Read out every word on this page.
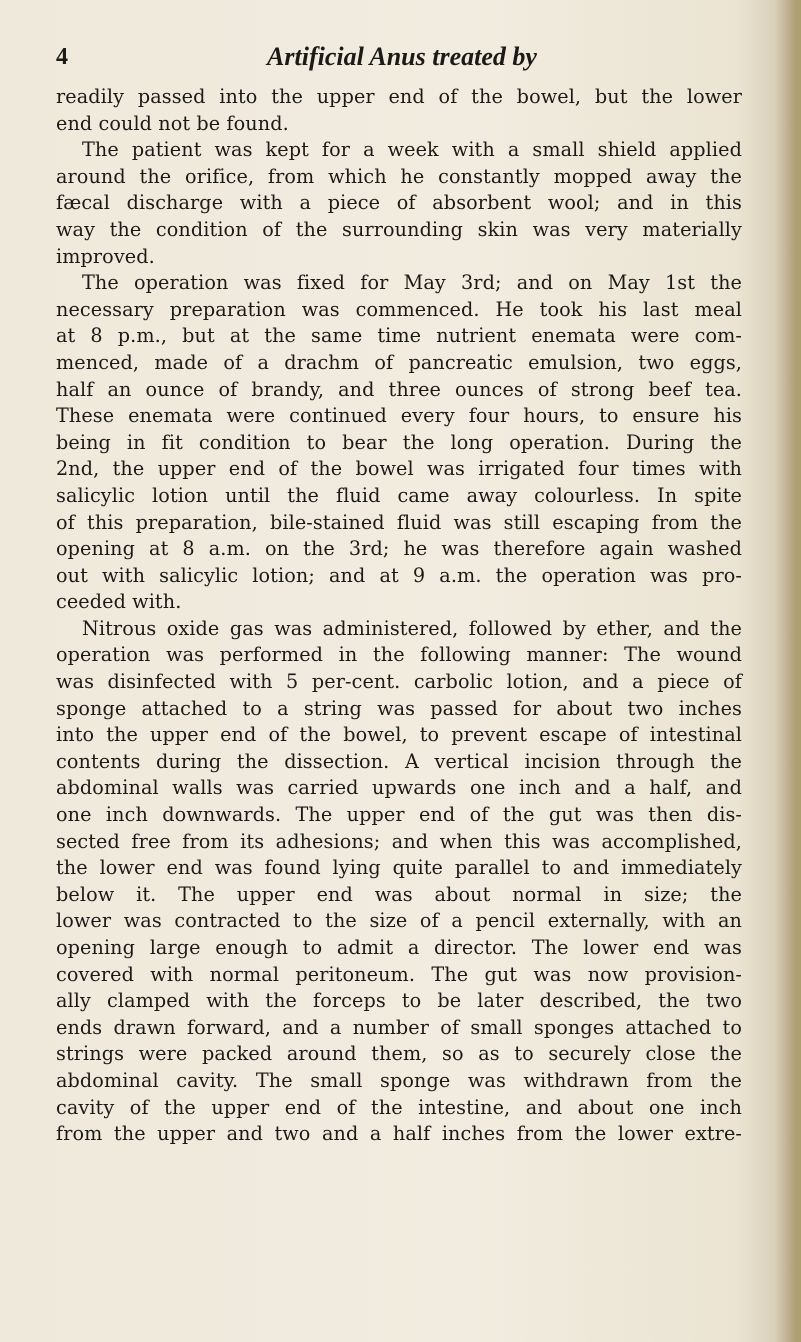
4	Artificial Anus treated by
readily passed into the upper end of the bowel, but the lower
end could not be found.
The patient was kept for a week with a small shield applied
around the orifice, from which he constantly mopped away the
fæcal discharge with a piece of absorbent wool; and in this
way the condition of the surrounding skin was very materially
improved.
The operation was fixed for May 3rd; and on May 1st the
necessary preparation was commenced. He took his last meal
at 8 p.m., but at the same time nutrient enemata were com-
menced, made of a drachm of pancreatic emulsion, two eggs,
half an ounce of brandy, and three ounces of strong beef tea.
These enemata were continued every four hours, to ensure his
being in fit condition to bear the long operation. During the
2nd, the upper end of the bowel was irrigated four times with
salicylic lotion until the fluid came away colourless. In spite
of this preparation, bile-stained fluid was still escaping from the
opening at 8 a.m. on the 3rd; he was therefore again washed
out with salicylic lotion; and at 9 a.m. the operation was pro-
ceeded with.
Nitrous oxide gas was administered, followed by ether, and the
operation was performed in the following manner: The wound
was disinfected with 5 per-cent. carbolic lotion, and a piece of
sponge attached to a string was passed for about two inches
into the upper end of the bowel, to prevent escape of intestinal
contents during the dissection. A vertical incision through the
abdominal walls was carried upwards one inch and a half, and
one inch downwards. The upper end of the gut was then dis-
sected free from its adhesions; and when this was accomplished,
the lower end was found lying quite parallel to and immediately
below it. The upper end was about normal in size; the
lower was contracted to the size of a pencil externally, with an
opening large enough to admit a director. The lower end was
covered with normal peritoneum. The gut was now provision-
ally clamped with the forceps to be later described, the two
ends drawn forward, and a number of small sponges attached to
strings were packed around them, so as to securely close the
abdominal cavity. The small sponge was withdrawn from the
cavity of the upper end of the intestine, and about one inch
from the upper and two and a half inches from the lower extre-
